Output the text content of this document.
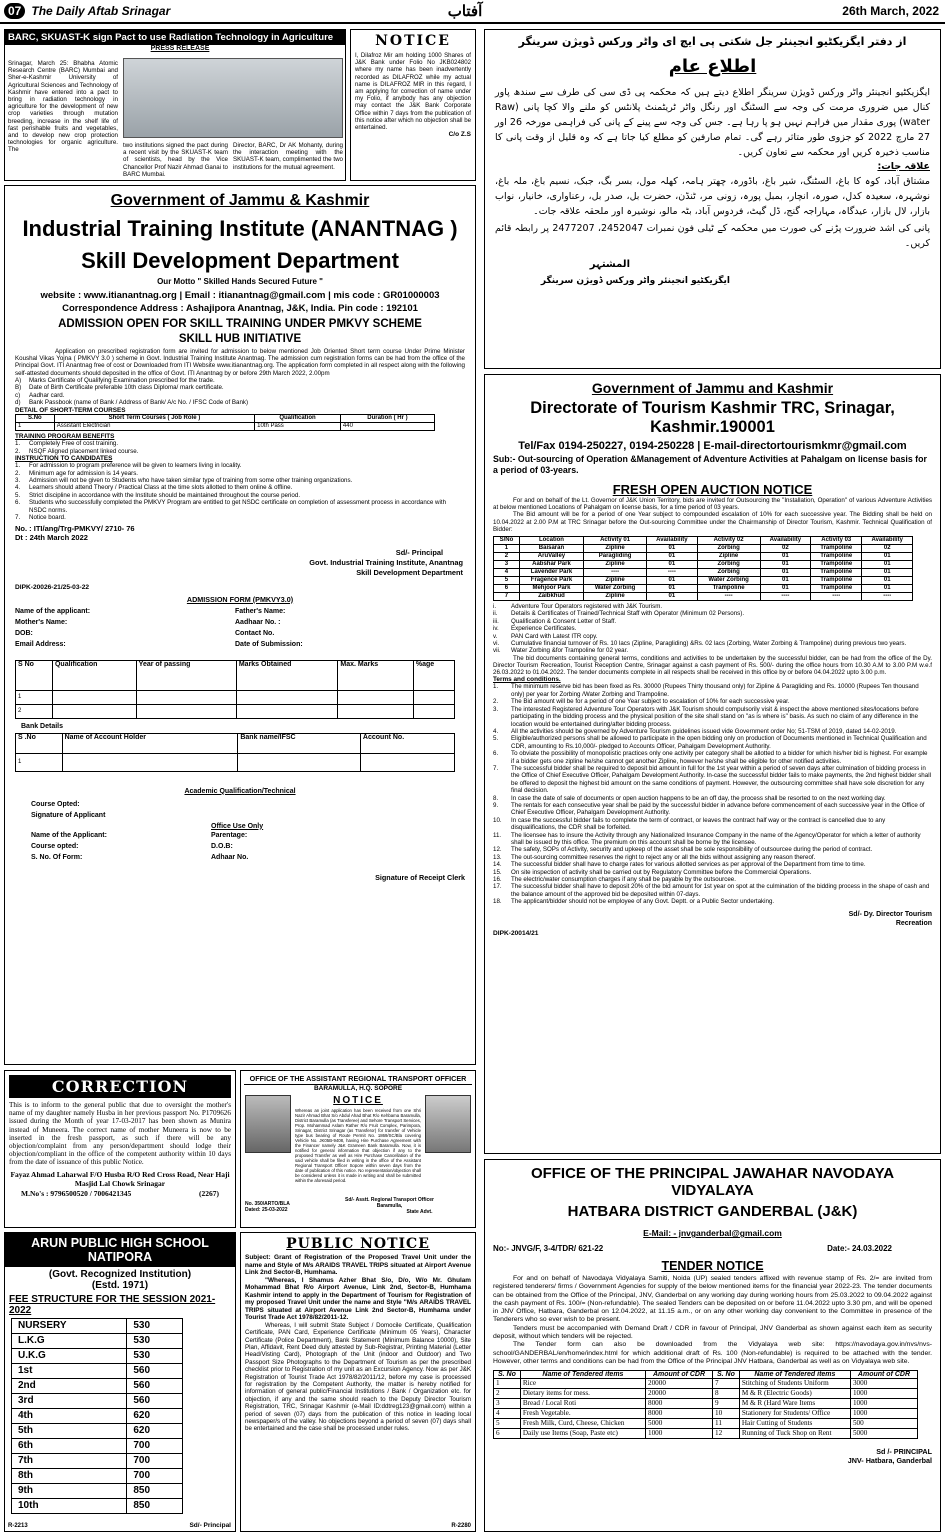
07 The Daily Aftab Srinagar	آفتاب	26th March, 2022
BARC, SKUAST-K sign Pact to use Radiation Technology in Agriculture
PRESS RELEASE
Srinagar, March 25: Bhabha Atomic Research Centre (BARC) Mumbai and Sher-e-Kashmir University of Agricultural Sciences and Technology of Kashmir have entered into a pact to bring in radiation technology in agriculture for the development of new crop varieties through mutation breeding, increase in the shelf life of fast perishable fruits and vegetables, and to develop new crop protection technologies for organic agriculture. The
two institutions signed the pact during a recent visit by the SKUAST-K team of scientists, head by the Vice Chancellor Prof Nazir Ahmad Ganai to BARC Mumbai.
Director, BARC, Dr AK Mohanty, during the interaction meeting with the SKUAST-K team, complimented the two institutions for the mutual agreement.
NOTICE
I, Dilafroz Mir am holding 1000 Shares of J&K Bank under Folio No JKB024802 where my name has been inadvertently recorded as DILAFROZ while my actual name is DILAFROZ MIR in this regard, I am applying for correction of name under my Folio, if anybody has any objection may contact the J&K Bank Corporate Office within 7 days from the publication of this notice after which no objection shall be entertained.
C/o Z.S
Government of Jammu & Kashmir
Industrial Training Institute (ANANTNAG )
Skill Development Department
Our Motto " Skilled Hands Secured Future "
website : www.itianantnag.org | Email : itianantnag@gmail.com | mis code : GR01000003
Correspondence Address : Ashajipora Anantnag, J&K, India. Pin code : 192101
ADMISSION OPEN FOR SKILL TRAINING UNDER PMKVY SCHEME
SKILL HUB INITIATIVE
Application on prescribed registration form are invited for admission to below mentioned Job Oriented Short term course Under Prime Minister Koushal Vikas Yojna ( PMKVY 3.0 ) scheme in Govt. Industrial Training Institute Anantnag. The admission cum registration forms can be had from the office of the Principal Govt. ITI Anantnag free of cost or Downloaded from ITI Website www.itianantnag.org. The application form completed in all respect along with the following self-attested documents should deposited in the office of Govt. ITI Anantnag by or before 29th March 2022, 2.00pm
A)	Marks Certificate of Qualifying Examination prescribed for the trade.
B)	Date of Birth Certificate preferable 10th class Diploma/ mark certificate.
c)	Aadhar card.
d)	Bank Passbook (name of Bank / Address of Bank/ A/c No. / IFSC Code of Bank)
DETAIL OF SHORT-TERM COURSES
S.No	Short Term Courses ( Job Role )	Qualification	Duration ( Hr )
1	Assistant Electrician	10th Pass	440
TRAINING PROGRAM BENEFITS
1.	Completely Free of cost training.
2.	NSQF Aligned placement linked course.
INSTRUCTION TO CANDIDATES
1.	For admission to program preference will be given to learners living in locality.
2.	Minimum age for admission is 14 years.
3.	Admission will not be given to Students who have taken similar type of training from some other training organizations.
4.	Learners should attend Theory / Practical Class at the time slots allotted to them online & offline.
5.	Strict discipline in accordance with the Institute should be maintained throughout the course period.
6.	Students who successfully completed the PMKVY Program are entitled to get NSDC certificate on completion of assessment process in accordance with NSDC norms.
7.	Notice board.
No. : ITI/ang/Trg-PMKVY/ 2710- 76
Dt : 24th March 2022
Sd/- Principal
Govt. Industrial Training Institute, Anantnag
Skill Development Department
DIPK-20026-21/25-03-22
ADMISSION FORM (PMKVY3.0)
Name of the applicant:
Mother's Name:
DOB:
Email Address:
Father's Name:
Aadhaar No. :
Contact No.
Date of Submission:
S No	Qualification	Year of passing	Marks Obtained	Max. Marks	%age
1					
2					
Bank Details
S .No	Name of Account Holder	Bank name/IFSC	Account No.
1			
Academic Qualification/Technical
Course Opted:
Signature of Applicant
Office Use Only
Name of the Applicant:
Course opted:
S. No. Of Form:
Parentage:
D.O.B:
Adhaar No.
Signature of Receipt Clerk
CORRECTION
This is to inform to the general public that due to oversight the mother's name of my daughter namely Husba in her previous passport No. P1709626 issued during the Month of year 17-03-2017 has been shown as Munira instead of Muneera. The correct name of mother Muneera is now to be inserted in the fresh passport, as such if there will be any objection/complaint from any person/department should lodge their objection/compliant in the office of the competent authority within 10 days from the date of issuance of this public Notice.
Fayaz Ahmad Laharwal F/O Husba R/O Red Cross Road, Near Haji Masjid Lal Chowk Srinagar
M.No's : 9796500520 / 7006421345	(2267)
OFFICE OF THE ASSISTANT REGIONAL TRANSPORT OFFICER
BARAMULLA, H.Q. SOPORE
NOTICE
Whereas an joint application has been received from one Shri Nazir Ahmad Bhat S/o Abdul Ahad Bhat R/o Kehbama Baramulla, District Baramulla (as Transferee) and Sehore Transport Services, Prop. Mohammad Aslam Rather R/o Fruit Complex, Parimpora, Srinagar, District Srinagar (as Transferor) for transfer of Vehicle type bus bearing of Route Permit No. 1869/SC/Bla covering Vehicle No. JK05B-9408, having Hire Purchase Agreement with the Financer namely J&K Grameen Bank Baramulla. Now, it is notified for general information that objection if any to the proposed Transfer as well as Hire Purchase Cancellation of the said vehicle shall be filed in writing in the office of the Assistant Regional Transport Officer Sopore within seven days from the date of publication of this notice. No representation/objection shall be considered unless it is made in writing and shall be submitted within the aforesaid period.
No. 350/ARTO/BLA
Dated: 25-03-2022
Sd/- Asstt. Regional Transport Officer
Baramulla,
State Advt.
ARUN PUBLIC HIGH SCHOOL NATIPORA
(Govt. Recognized Institution)
(Estd. 1971)
FEE STRUCTURE FOR THE SESSION 2021-2022
NURSERY	530
L.K.G	530
U.K.G	530
1st	560
2nd	560
3rd	560
4th	620
5th	620
6th	700
7th	700
8th	700
9th	850
10th	850
R-2213	Sd/- Principal
PUBLIC NOTICE
Subject: Grant of Registration of the Proposed Travel Unit under the name and Style of M/s ARAIDS TRAVEL TRIPS situated at Airport Avenue Link 2nd Sector-B, Humhama.
"Whereas, I Shamus Azher Bhat S/o, D/o, W/o Mr. Ghulam Mohammad Bhat R/o Airport Avenue, Link 2nd, Sector-B, Humhama Kashmir intend to apply in the Department of Tourism for Registration of my proposed Travel Unit under the name and Style "M/s ARAIDS TRAVEL TRIPS situated at Airport Avenue Link 2nd Sector-B, Humhama under Tourist Trade Act 1978/82/2011-12.
Whereas, I will submit State Subject / Domocile Certificate, Qualification Certificate, PAN Card, Experience Certificate (Minimum 05 Years), Character Certificate (Police Department), Bank Statement (Minimum Balance 10000), Site Plan, Affidavit, Rent Deed duly attested by Sub-Registrar, Printing Material (Letter Head/Visting Card), Photograph of the Unit (indoor and Outdoor) and Two Passport Size Photographs to the Department of Tourism as per the prescribed checklist prior to Registration of my unit as an Excursion Agency. Now as per J&K Registration of Tourist Trade Act 1978/82/2011/12, before my case is processed for registration by the Competent Authority, the matter is hereby notified for information of general public/Financial Institutions / Bank / Organization etc. for objection, if any and the same should reach to the Deputy Director Tourism Registration, TRC, Srinagar Kashmir (e-Mail ID:ddtreg123@gmail.com) within a period of seven (07) days from the publication of this notice in leading local newspaper/s of the valley. No objections beyond a period of seven (07) days shall be entertained and the case shall be processed under rules.
R-2280
از دفتر ایگزیکٹیو انجینئر جل شکتی پی ایچ ای واٹر ورکس ڈویژن سرینگر
اطلاع عام
ایگزیکٹیو انجینئر واٹر ورکس ڈویژن سرینگر اطلاع دیتے ہیں کہ محکمہ پی ڈی سی کی طرف سے سندھ پاور کنال میں ضروری مرمت کی وجہ سے السٹنگ اور رنگل واٹر ٹریٹمنٹ پلانٹس کو ملنے والا کچا پانی (Raw water) پوری مقدار میں فراہم نہیں ہو پا رہا ہے۔ جس کی وجہ سے پینے کے پانی کی فراہمی مورخہ 26 اور 27 مارچ 2022 کو جزوی طور متاثر رہے گی۔ تمام صارفین کو مطلع کیا جاتا ہے کہ وہ قلیل از وقت پانی کا مناسب ذخیرہ کریں اور محکمہ سے تعاون کریں۔
علاقہ جات:
مشتاق آباد، کوہ کا باغ، السٹنگ، شیر باغ، باڈورہ، چھتر ہامہ، کھلہ مول، بسر بگ، جبک، نسیم باغ، ملہ باغ، نوشہرہ، سعیدہ کدل، صورہ، انچار، بمبل پورہ، زونی مر، ٹنڈن، حضرت بل، صدر بل، رعناواری، خانیار، نواب بازار، لال بازار، عیدگاہ، مہاراجہ گنج، ڈل گیٹ، فردوس آباد، بٹہ مالو، نوشیرہ اور ملحقہ علاقہ جات۔
پانی کی اشد ضرورت پڑنے کی صورت میں محکمہ کے ٹیلی فون نمبرات 2452047، 2477207 پر رابطہ قائم کریں۔
المشتہر
ایگزیکٹیو انجینئر واٹر ورکس ڈویژن سرینگر
Government of Jammu and Kashmir
Directorate of Tourism Kashmir TRC, Srinagar, Kashmir.190001
Tel/Fax 0194-250227, 0194-250228 | E-mail-directortourismkmr@gmail.com
Sub:- Out-sourcing of Operation &Management of Adventure Activities at Pahalgam on license basis for a period of 03-years.
FRESH OPEN AUCTION NOTICE
For and on behalf of the Lt. Governor of J&K Union Territory, bids are invited for Outsourcing the "Installation, Operation" of various Adventure Activities at below mentioned Locations of Pahalgam on license basis, for a time period of 03 years.
The Bid amount will be for a period of one Year subject to compounded escalation of 10% for each successive year. The Bidding shall be held on 10.04.2022 at 2.00 P.M at TRC Srinagar before the Out-sourcing Committee under the Chairmanship of Director Tourism, Kashmir. Technical Qualification of Bidder:
S/No	Location	Activity 01	Availability	Activity 02	Availability	Activity 03	Availability
1	Baisaran	Zipline	01	Zorbing	02	Trampoline	02
2	AruValley	Paragliding	01	Zipline	01	Trampoline	01
3	Aabshar Park	Zipline	01	Zorbing	01	Trampoline	01
4	Lavender Park	----	----	Zorbing	01	Trampoline	01
5	Fragence Park	Zipline	01	Water Zorbing	01	Trampoline	01
6	Mehjoor Park	Water Zorbing	01	Trampoline	01	Trampoline	01
7	Zaibkhud	Zipline	01	----	----	----	----
i.	Adventure Tour Operators registered with J&K Tourism.
ii.	Details & Certificates of Trained/Technical Staff with Operator (Minimum 02 Persons).
iii.	Qualification & Consent Letter of Staff.
iv.	Experience Certificates.
v.	PAN Card with Latest ITR copy.
vi.	Cumulative financial turnover of Rs. 10 lacs (Zipline, Paragliding) &Rs. 02 lacs (Zorbing, Water Zorbing & Trampoline) during previous two years.
vii.	Water Zorbing &for Trampoline for 02 year.
The bid documents containing general terms, conditions and activities to be undertaken by the successful bidder, can be had from the office of the Dy. Director Tourism Recreation, Tourist Reception Centre, Srinagar against a cash payment of Rs. 500/- during the office hours from 10.30 A.M to 3.00 P.M w.e.f 26.03.2022 to 01.04.2022. The tender documents complete in all respects shall be received in this office by or before 04.04.2022 upto 3.00 p.m.
Terms and conditions.
1.	The minimum reserve bid has been fixed as Rs. 30000 (Rupees Thirty thousand only) for Zipline & Paragliding and Rs. 10000 (Rupees Ten thousand only) per year for Zorbing /Water Zorbing and Trampoline.
2.	The Bid amount will be for a period of one Year subject to escalation of 10% for each successive year.
3.	The interested Registered Adventure Tour Operators with J&K Tourism should compulsorily visit & inspect the above mentioned sites/locations before participating in the bidding process and the physical position of the site shall stand on "as is where is" basis. As such no claim of any difference in the location would be entertained during/after bidding process.
4.	All the activities should be governed by Adventure Tourism guidelines issued vide Government order No; 51-TSM of 2019, dated 14-02-2019.
5.	Eligible/authorized persons shall be allowed to participate in the open bidding only on production of Documents mentioned in Technical Qualification and CDR, amounting to Rs.10,000/- pledged to Accounts Officer, Pahalgam Development Authority.
6.	To obviate the possibility of monopolistic practices only one activity per category shall be allotted to a bidder for which his/her bid is highest. For example if a bidder gets one zipline he/she cannot get another Zipline, however he/she shall be eligible for other notified activities.
7.	The successful bidder shall be required to deposit bid amount in full for the 1st year within a period of seven days after culmination of bidding process in the Office of Chief Executive Officer, Pahalgam Development Authority. In-case the successful bidder fails to make payments, the 2nd highest bidder shall be offered to deposit the highest bid amount on the same conditions of payment. However, the outsourcing committee shall have sole discretion for any final decision.
8.	In case the date of sale of documents or open auction happens to be an off day, the process shall be resorted to on the next working day.
9.	The rentals for each consecutive year shall be paid by the successful bidder in advance before commencement of each successive year in the Office of Chief Executive Officer, Pahalgam Development Authority.
10.	In case the successful bidder fails to complete the term of contract, or leaves the contract half way or the contract is cancelled due to any disqualifications, the CDR shall be forfeited.
11.	The licensee has to insure the Activity through any Nationalized Insurance Company in the name of the Agency/Operator for which a letter of authority shall be issued by this office. The premium on this account shall be borne by the licensee.
12.	The safety, SOPs of Activity, security and upkeep of the asset shall be sole responsibility of outsourcee during the period of contract.
13.	The out-sourcing committee reserves the right to reject any or all the bids without assigning any reason thereof.
14.	The successful bidder shall have to charge rates for various allotted services as per approval of the Department from time to time.
15.	On site inspection of activity shall be carried out by Regulatory Committee before the Commercial Operations.
16.	The electric/water consumption charges if any shall be payable by the outsourcee.
17.	The successful bidder shall have to deposit 20% of the bid amount for 1st year on spot at the culmination of the bidding process in the shape of cash and the balance amount of the approved bid be deposited within 07-days.
18.	The applicant/bidder should not be employee of any Govt. Deptt. or a Public Sector undertaking.
Sd/- Dy. Director Tourism
Recreation
DIPK-20014/21
OFFICE OF THE PRINCIPAL JAWAHAR NAVODAYA VIDYALAYA
HATBARA DISTRICT GANDERBAL (J&K)
E-Mail: - jnvganderbal@gmail.com
No:- JNVG/F, 3-4/TDR/ 621-22	Date:- 24.03.2022
TENDER NOTICE
For and on behalf of Navodaya Vidyalaya Samiti, Noida (UP) sealed tenders affixed with revenue stamp of Rs. 2/= are invited from registered tenderers/ firms / Government Agencies for supply of the below mentioned items for the financial year 2022-23. The tender documents can be obtained from the Office of the Principal, JNV, Ganderbal on any working day during working hours from 25.03.2022 to 09.04.2022 against the cash payment of Rs. 100/= (Non-refundable). The sealed Tenders can be deposited on or before 11.04.2022 upto 3.30 pm, and will be opened in JNV Office, Hatbara, Ganderbal on 12.04.2022, at 11.15 a.m., or on any other working day convenient to the Committee in presence of the Tenderers who so ever wish to be present.
Tenders must be accompanied with Demand Draft / CDR in favour of Principal, JNV Ganderbal as shown against each item as security deposit, without which tenders will be rejected.
The Tender form can also be downloaded from the Vidyalaya web site: https://navodaya.gov.in/nvs/nvs-school/GANDERBAL/en/home/index.html for which additional draft of Rs. 100 (Non-refundable) is required to be attached with the tender. However, other terms and conditions can be had from the Office of the Principal JNV Hatbara, Ganderbal as well as on Vidyalaya web site.
S. No	Name of Tendered items	Amount of CDR	S. No	Name of Tendered items	Amount of CDR
1	Rice	20000	7	Stitching of Students Uniform	3000
2	Dietary items for mess.	20000	8	M & R (Electric Goods)	1000
3	Bread / Local Roti	8000	9	M & R (Hard Ware Items	1000
4	Fresh Vegetable.	8000	10	Stationery for Students/ Office	1000
5	Fresh Milk, Curd, Cheese, Chicken	5000	11	Hair Cutting of Students	500
6	Daily use Items (Soap, Paste etc)	1000	12	Running of Tuck Shop on Rent	5000
Sd /- PRINCIPAL
JNV- Hatbara, Ganderbal
